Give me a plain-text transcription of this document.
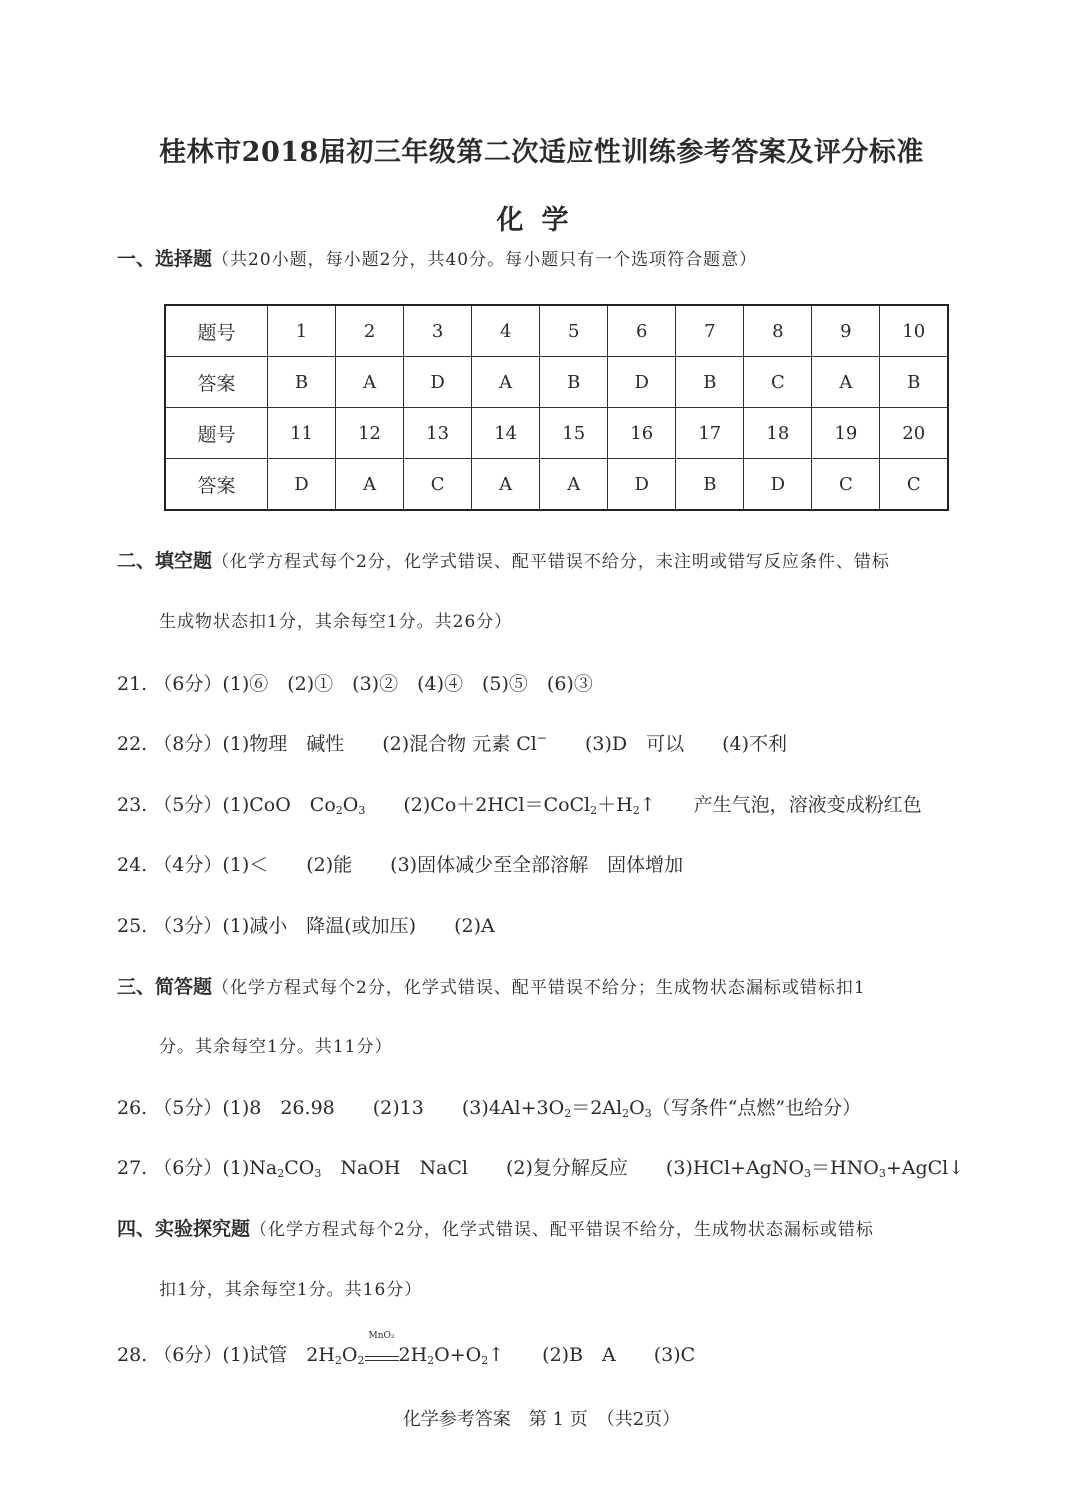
桂林市2018届初三年级第二次适应性训练参考答案及评分标准
化学
一、选择题（共20小题，每小题2分，共40分。每小题只有一个选项符合题意）
题号	1	2	3	4	5	6	7	8	9	10
答案	B	A	D	A	B	D	B	C	A	B
题号	11	12	13	14	15	16	17	18	19	20
答案	D	A	C	A	A	D	B	D	C	C
二、填空题（化学方程式每个2分，化学式错误、配平错误不给分，未注明或错写反应条件、错标
生成物状态扣1分，其余每空1分。共26分）
21. （6分）(1)⑥　(2)①　(3)②　(4)④　(5)⑤　(6)③
22. （8分）(1)物理　碱性　　(2)混合物 元素 Cl−　　(3)D　可以　　(4)不利
23. （5分）(1)CoO　$Co_2O_3$　　$(2)Co+2HCl=CoCl_2+H_2↑$　　产生气泡，溶液变成粉红色
24. （4分）(1)＜　　(2)能　　(3)固体减少至全部溶解　固体增加
25. （3分）(1)减小　降温(或加压)　　(2)A
三、简答题（化学方程式每个2分，化学式错误、配平错误不给分；生成物状态漏标或错标扣1
分。其余每空1分。共11分）
26. （5分）(1)8　26.98　　(2)13　　$(3)4Al+3O_2=2Al_2O_3$（写条件“点燃”也给分）
27. （6分）$(1)Na_2CO_3$　NaOH　NaCl　　(2)复分解反应　　$(3)HCl+AgNO_3=HNO_3+AgCl↓$
四、实验探究题（化学方程式每个2分，化学式错误、配平错误不给分，生成物状态漏标或错标
扣1分，其余每空1分。共16分）
28. （6分）(1)试管　$2H_2O_2$
MnO₂
$2H_2O+O_2↑$　　(2)B　A　　(3)C
化学参考答案　第 1 页　（共2页）
